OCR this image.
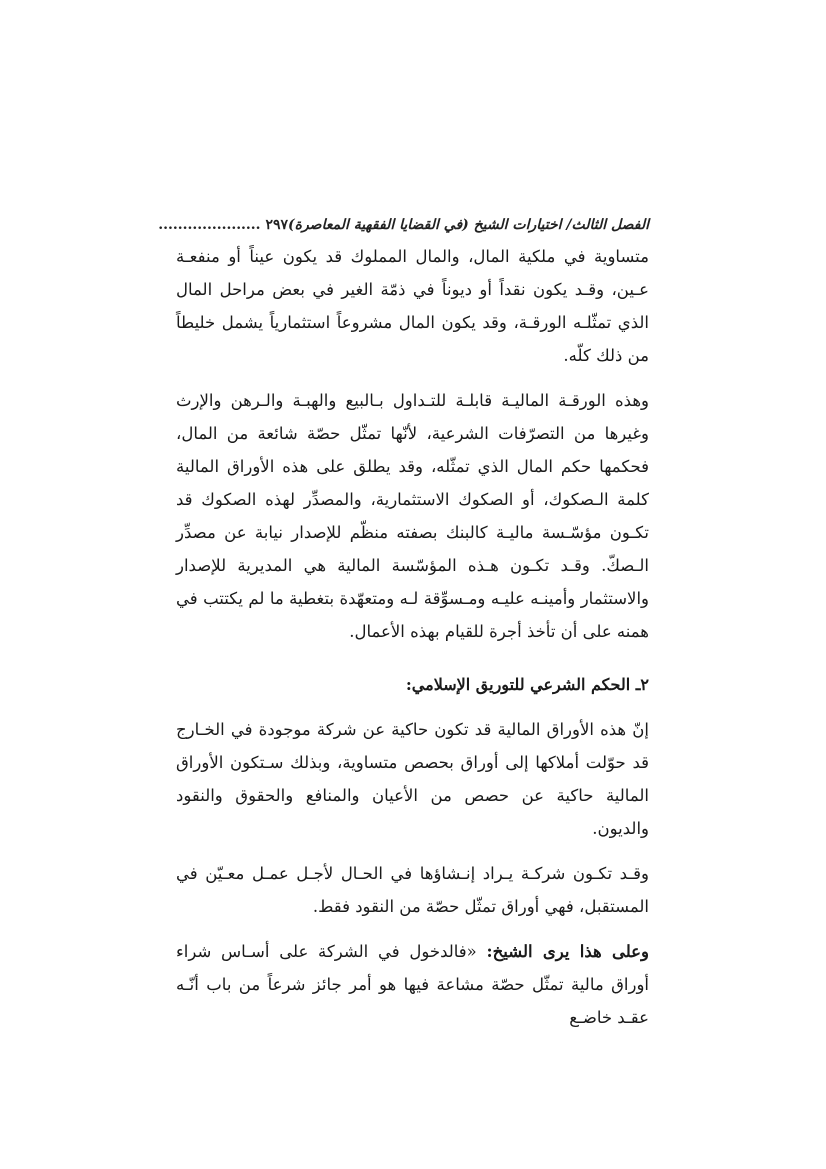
الفصل الثالث/ اختيارات الشيخ (في القضايا الفقهية المعاصرة)
..................... ٢٩٧

متساوية في ملكية المال، والمال المملوك قد يكون عيناً أو منفعـة عـين، وقـد يكون نقداً أو ديوناً في ذمّة الغير في بعض مراحل المال الذي تمثّلـه الورقـة، وقد يكون المال مشروعاً استثمارياً يشمل خليطاً من ذلك كلّه.

وهذه الورقـة الماليـة قابلـة للتـداول بـالبيع والهبـة والـرهن والإرث وغيرها من التصرّفات الشرعية، لأنّها تمثّل حصّة شائعة من المال، فحكمها حكم المال الذي تمثّله، وقد يطلق على هذه الأوراق المالية كلمة الـصكوك، أو الصكوك الاستثمارية، والمصدِّر لهذه الصكوك قد تكـون مؤسّـسة ماليـة كالبنك بصفته منظّم للإصدار نيابة عن مصدِّر الـصكّ. وقـد تكـون هـذه المؤسّسة المالية هي المديرية للإصدار والاستثمار وأمينـه عليـه ومـسوِّقة لـه ومتعهّدة بتغطية ما لم يكتتب في همنه على أن تأخذ أجرة للقيام بهذه الأعمال.

٢ـ الحكم الشرعي للتوريق الإسلامي:

إنّ هذه الأوراق المالية قد تكون حاكية عن شركة موجودة في الخـارج قد حوّلت أملاكها إلى أوراق بحصص متساوية، وبذلك سـتكون الأوراق المالية حاكية عن حصص من الأعيان والمنافع والحقوق والنقود والديون.

وقـد تكـون شركـة يـراد إنـشاؤها في الحـال لأجـل عمـل معـيّن في المستقبل، فهي أوراق تمثّل حصّة من النقود فقط.

وعلى هذا يرى الشيخ: «فالدخول في الشركة على أسـاس شراء أوراق مالية تمثّل حصّة مشاعة فيها هو أمر جائز شرعاً من باب أنّـه عقـد خاضـع
